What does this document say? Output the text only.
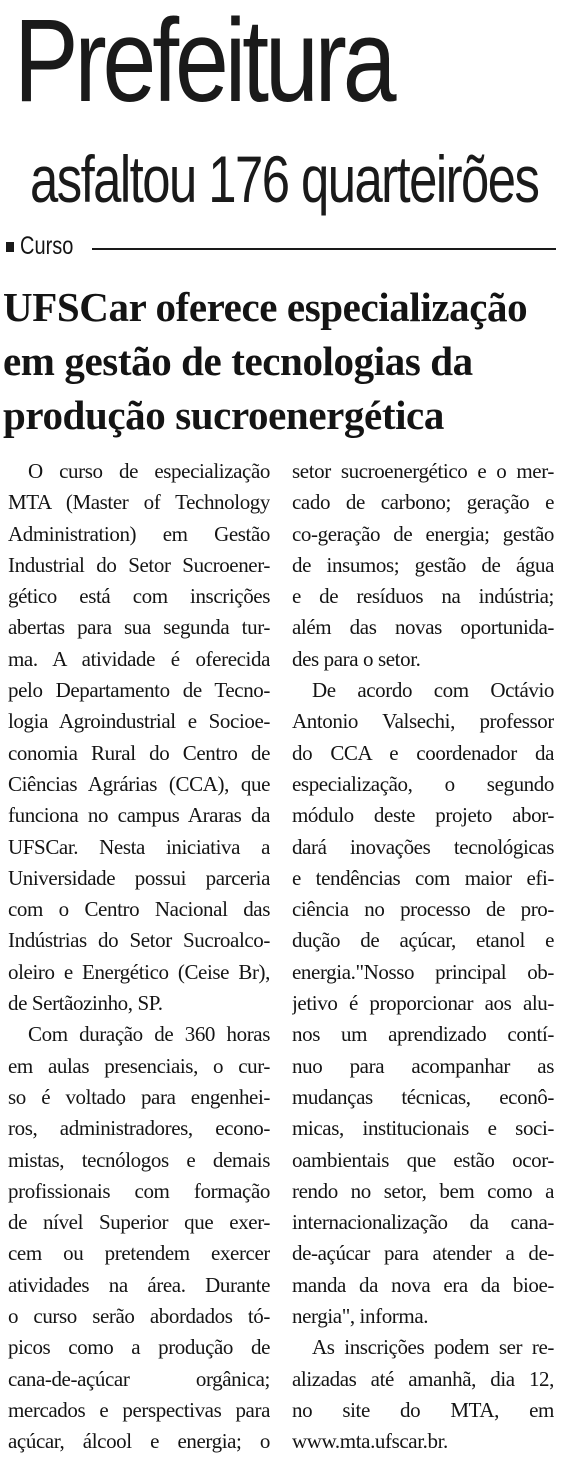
Prefeitura
asfaltou 176 quarteirões
Curso
UFSCar oferece especialização
em gestão de tecnologias da
produção sucroenergética
O curso de especialização
MTA (Master of Technology
Administration) em Gestão
Industrial do Setor Sucroener-
gético está com inscrições
abertas para sua segunda tur-
ma. A atividade é oferecida
pelo Departamento de Tecno-
logia Agroindustrial e Socioe-
conomia Rural do Centro de
Ciências Agrárias (CCA), que
funciona no campus Araras da
UFSCar. Nesta iniciativa a
Universidade possui parceria
com o Centro Nacional das
Indústrias do Setor Sucroalco-
oleiro e Energético (Ceise Br),
de Sertãozinho, SP.
Com duração de 360 horas
em aulas presenciais, o cur-
so é voltado para engenhei-
ros, administradores, econo-
mistas, tecnólogos e demais
profissionais com formação
de nível Superior que exer-
cem ou pretendem exercer
atividades na área. Durante
o curso serão abordados tó-
picos como a produção de
cana-de-açúcar orgânica;
mercados e perspectivas para
açúcar, álcool e energia; o
setor sucroenergético e o mer-
cado de carbono; geração e
co-geração de energia; gestão
de insumos; gestão de água
e de resíduos na indústria;
além das novas oportunida-
des para o setor.
De acordo com Octávio
Antonio Valsechi, professor
do CCA e coordenador da
especialização, o segundo
módulo deste projeto abor-
dará inovações tecnológicas
e tendências com maior efi-
ciência no processo de pro-
dução de açúcar, etanol e
energia."Nosso principal ob-
jetivo é proporcionar aos alu-
nos um aprendizado contí-
nuo para acompanhar as
mudanças técnicas, econô-
micas, institucionais e soci-
oambientais que estão ocor-
rendo no setor, bem como a
internacionalização da cana-
de-açúcar para atender a de-
manda da nova era da bioe-
nergia", informa.
As inscrições podem ser re-
alizadas até amanhã, dia 12,
no site do MTA, em
www.mta.ufscar.br.
